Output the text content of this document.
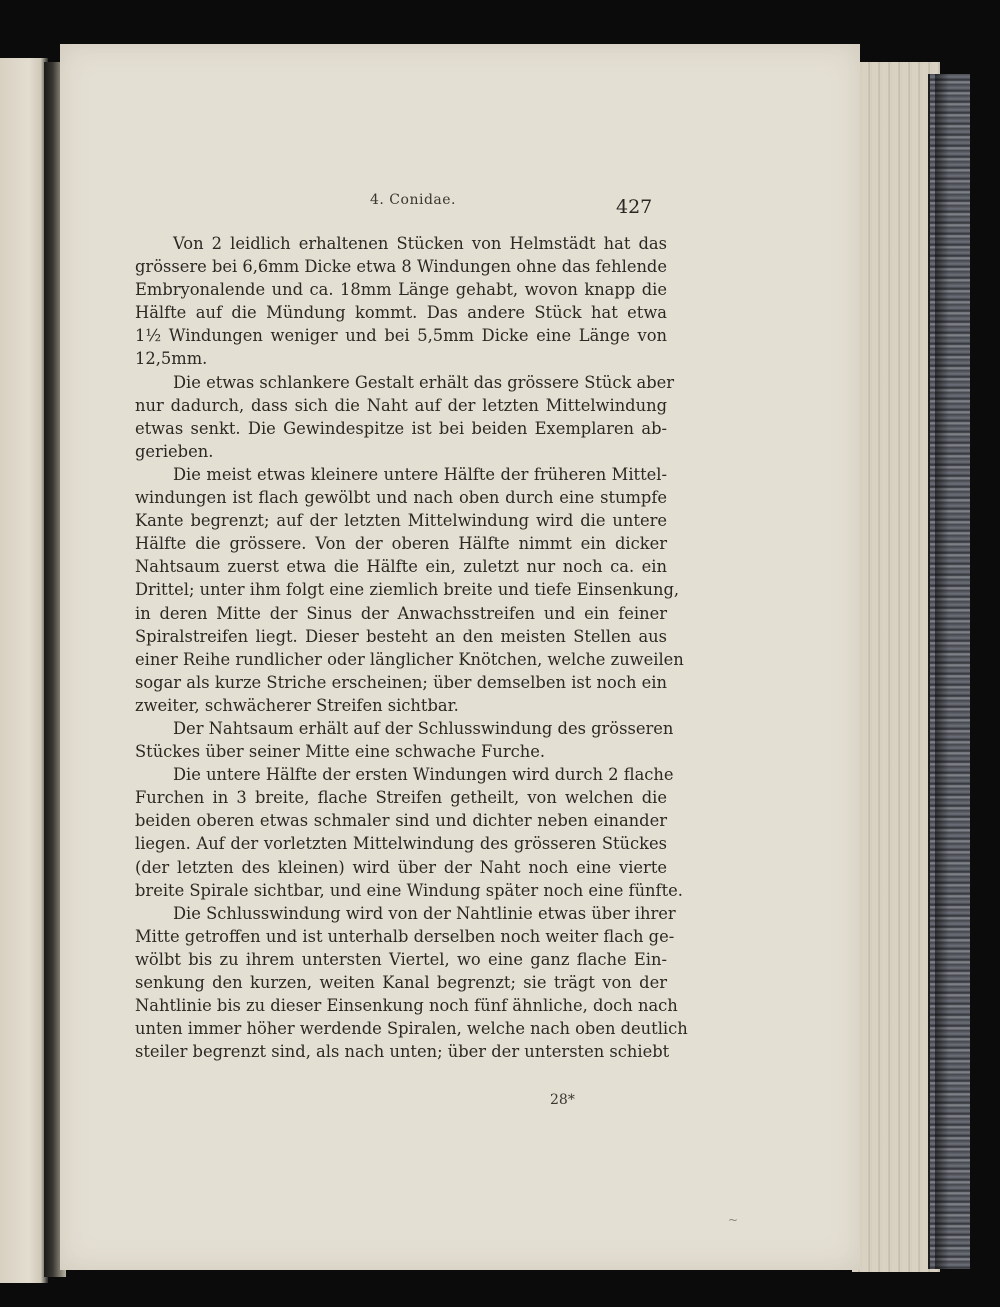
4. Conidae.	427

Von 2 leidlich erhaltenen Stücken von Helmstädt hat das
grössere bei 6,6mm Dicke etwa 8 Windungen ohne das fehlende
Embryonalende und ca. 18mm Länge gehabt, wovon knapp die
Hälfte auf die Mündung kommt. Das andere Stück hat etwa
1½ Windungen weniger und bei 5,5mm Dicke eine Länge von
12,5mm.

Die etwas schlankere Gestalt erhält das grössere Stück aber
nur dadurch, dass sich die Naht auf der letzten Mittelwindung
etwas senkt. Die Gewindespitze ist bei beiden Exemplaren ab-
gerieben.

Die meist etwas kleinere untere Hälfte der früheren Mittel-
windungen ist flach gewölbt und nach oben durch eine stumpfe
Kante begrenzt; auf der letzten Mittelwindung wird die untere
Hälfte die grössere. Von der oberen Hälfte nimmt ein dicker
Nahtsaum zuerst etwa die Hälfte ein, zuletzt nur noch ca. ein
Drittel; unter ihm folgt eine ziemlich breite und tiefe Einsenkung,
in deren Mitte der Sinus der Anwachsstreifen und ein feiner
Spiralstreifen liegt. Dieser besteht an den meisten Stellen aus
einer Reihe rundlicher oder länglicher Knötchen, welche zuweilen
sogar als kurze Striche erscheinen; über demselben ist noch ein
zweiter, schwächerer Streifen sichtbar.

Der Nahtsaum erhält auf der Schlusswindung des grösseren
Stückes über seiner Mitte eine schwache Furche.

Die untere Hälfte der ersten Windungen wird durch 2 flache
Furchen in 3 breite, flache Streifen getheilt, von welchen die
beiden oberen etwas schmaler sind und dichter neben einander
liegen. Auf der vorletzten Mittelwindung des grösseren Stückes
(der letzten des kleinen) wird über der Naht noch eine vierte
breite Spirale sichtbar, und eine Windung später noch eine fünfte.

Die Schlusswindung wird von der Nahtlinie etwas über ihrer
Mitte getroffen und ist unterhalb derselben noch weiter flach ge-
wölbt bis zu ihrem untersten Viertel, wo eine ganz flache Ein-
senkung den kurzen, weiten Kanal begrenzt; sie trägt von der
Nahtlinie bis zu dieser Einsenkung noch fünf ähnliche, doch nach
unten immer höher werdende Spiralen, welche nach oben deutlich
steiler begrenzt sind, als nach unten; über der untersten schiebt

28*
~
